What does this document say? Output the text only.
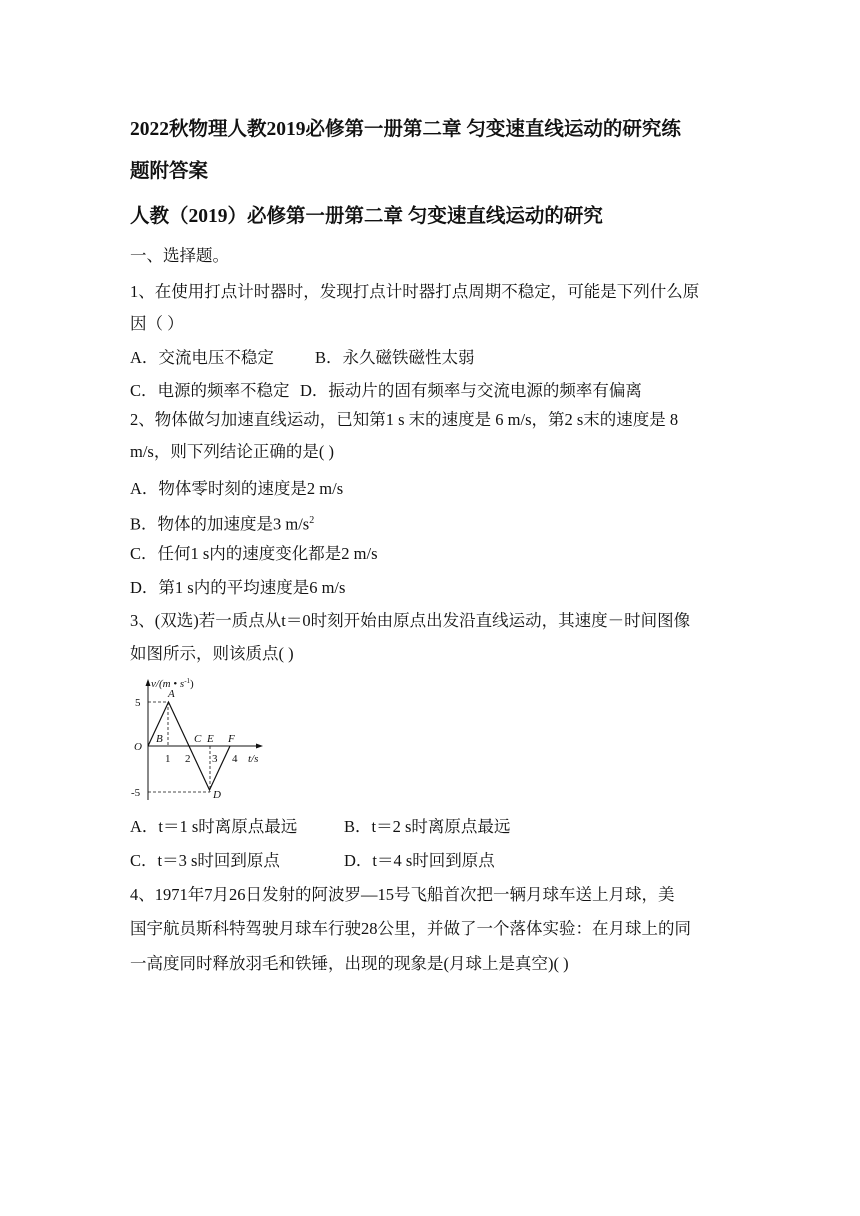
2022秋物理人教2019必修第一册第二章 匀变速直线运动的研究练
题附答案
人教（2019）必修第一册第二章 匀变速直线运动的研究
一、选择题。
1、在使用打点计时器时，发现打点计时器打点周期不稳定，可能是下列什么原
因（ ）
A．交流电压不稳定 B．永久磁铁磁性太弱
C．电源的频率不稳定 D．振动片的固有频率与交流电源的频率有偏离
2、物体做匀加速直线运动，已知第1 s 末的速度是 6 m/s，第2 s末的速度是 8
m/s，则下列结论正确的是( )
A．物体零时刻的速度是2 m/s
B．物体的加速度是3 $m/s^2$
C．任何1 s内的速度变化都是2 m/s
D．第1 s内的平均速度是6 m/s
3、(双选)若一质点从t＝0时刻开始由原点出发沿直线运动，其速度－时间图像
如图所示，则该质点( )
v/(m • $s^{-1}$)
5
-5
O
1 2 3 4 t/s
A
B	C E F
D
A．t＝1 s时离原点最远	B．t＝2 s时离原点最远
C．t＝3 s时回到原点	D．t＝4 s时回到原点
4、1971年7月26日发射的阿波罗—15号飞船首次把一辆月球车送上月球，美
国宇航员斯科特驾驶月球车行驶28公里，并做了一个落体实验：在月球上的同
一高度同时释放羽毛和铁锤，出现的现象是(月球上是真空)( )
